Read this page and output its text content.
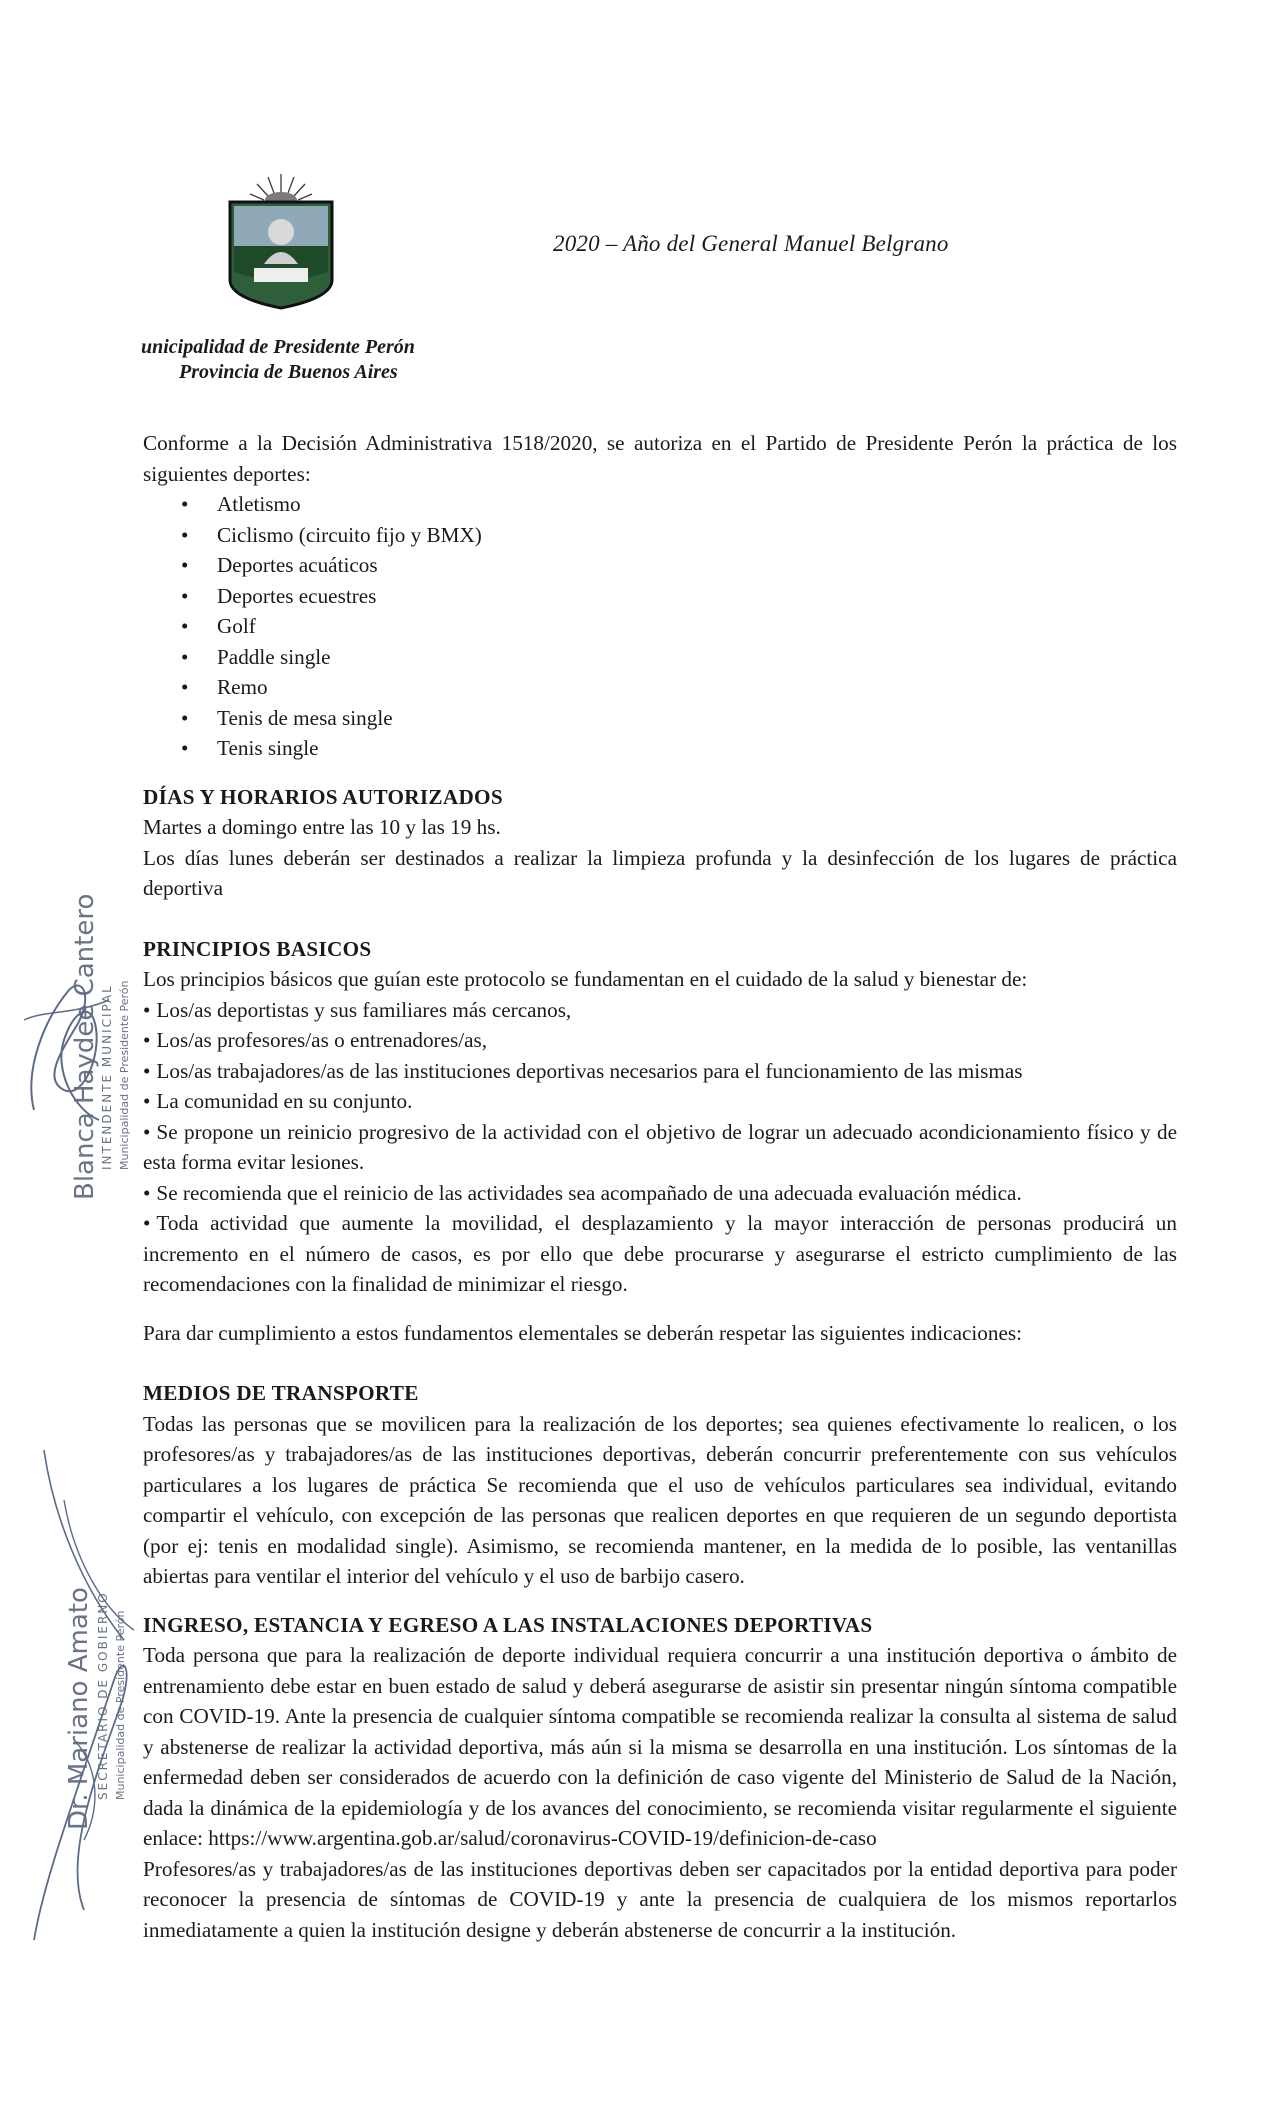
2020 – Año del General Manuel Belgrano
unicipalidad de Presidente Perón
Provincia de Buenos Aires

Conforme a la Decisión Administrativa 1518/2020, se autoriza en el Partido de Presidente Perón la práctica de los siguientes deportes:

• Atletismo
• Ciclismo (circuito fijo y BMX)
• Deportes acuáticos
• Deportes ecuestres
• Golf
• Paddle single
• Remo
• Tenis de mesa single
• Tenis single

DÍAS Y HORARIOS AUTORIZADOS

Martes a domingo entre las 10 y las 19 hs.

Los días lunes deberán ser destinados a realizar la limpieza profunda y la desinfección de los lugares de práctica deportiva

PRINCIPIOS BASICOS

Los principios básicos que guían este protocolo se fundamentan en el cuidado de la salud y bienestar de:

• Los/as deportistas y sus familiares más cercanos,

• Los/as profesores/as o entrenadores/as,

• Los/as trabajadores/as de las instituciones deportivas necesarios para el funcionamiento de las mismas

• La comunidad en su conjunto.

• Se propone un reinicio progresivo de la actividad con el objetivo de lograr un adecuado acondicionamiento físico y de esta forma evitar lesiones.

• Se recomienda que el reinicio de las actividades sea acompañado de una adecuada evaluación médica.

• Toda actividad que aumente la movilidad, el desplazamiento y la mayor interacción de personas producirá un incremento en el número de casos, es por ello que debe procurarse y asegurarse el estricto cumplimiento de las recomendaciones con la finalidad de minimizar el riesgo.

Para dar cumplimiento a estos fundamentos elementales se deberán respetar las siguientes indicaciones:

MEDIOS DE TRANSPORTE

Todas las personas que se movilicen para la realización de los deportes; sea quienes efectivamente lo realicen, o los profesores/as y trabajadores/as de las instituciones deportivas, deberán concurrir preferentemente con sus vehículos particulares a los lugares de práctica Se recomienda que el uso de vehículos particulares sea individual, evitando compartir el vehículo, con excepción de las personas que realicen deportes en que requieren de un segundo deportista (por ej: tenis en modalidad single). Asimismo, se recomienda mantener, en la medida de lo posible, las ventanillas abiertas para ventilar el interior del vehículo y el uso de barbijo casero.

INGRESO, ESTANCIA Y EGRESO A LAS INSTALACIONES DEPORTIVAS

Toda persona que para la realización de deporte individual requiera concurrir a una institución deportiva o ámbito de entrenamiento debe estar en buen estado de salud y deberá asegurarse de asistir sin presentar ningún síntoma compatible con COVID-19. Ante la presencia de cualquier síntoma compatible se recomienda realizar la consulta al sistema de salud y abstenerse de realizar la actividad deportiva, más aún si la misma se desarrolla en una institución. Los síntomas de la enfermedad deben ser considerados de acuerdo con la definición de caso vigente del Ministerio de Salud de la Nación, dada la dinámica de la epidemiología y de los avances del conocimiento, se recomienda visitar regularmente el siguiente enlace: https://www.argentina.gob.ar/salud/coronavirus-COVID-19/definicion-de-caso

Profesores/as y trabajadores/as de las instituciones deportivas deben ser capacitados por la entidad deportiva para poder reconocer la presencia de síntomas de COVID-19 y ante la presencia de cualquiera de los mismos reportarlos inmediatamente a quien la institución designe y deberán abstenerse de concurrir a la institución.

Blanca Haydee Cantero INTENDENTE MUNICIPAL Municipalidad de Presidente Perón
Dr. Mariano Amato SECRETARIO DE GOBIERNO Municipalidad de Presidente Perón
